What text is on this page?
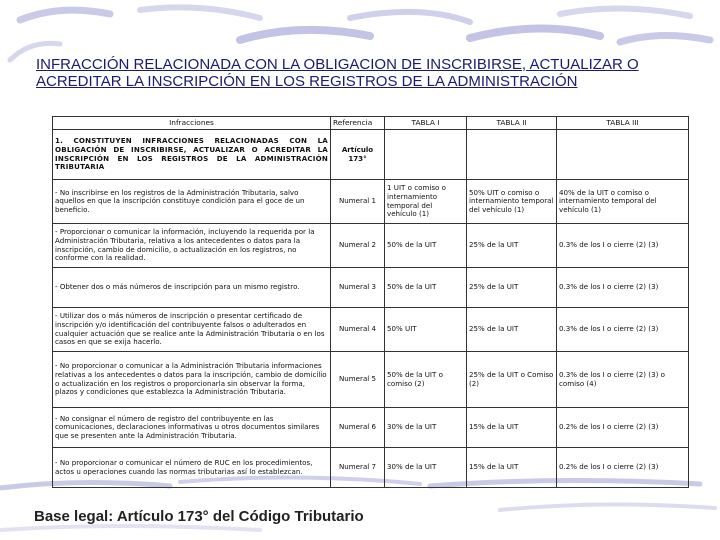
INFRACCIÓN RELACIONADA CON LA OBLIGACION DE INSCRIBIRSE, ACTUALIZAR O ACREDITAR LA INSCRIPCIÓN EN LOS REGISTROS DE LA ADMINISTRACIÓN
Infracciones	Referencia	TABLA I	TABLA II	TABLA III
1. CONSTITUYEN INFRACCIONES RELACIONADAS CON LA OBLIGACIÓN DE INSCRIBIRSE, ACTUALIZAR O ACREDITAR LA INSCRIPCIÓN EN LOS REGISTROS DE LA ADMINISTRACIÓN TRIBUTARIA	Artículo 173°			
- No inscribirse en los registros de la Administración Tributaria, salvo aquellos en que la inscripción constituye condición para el goce de un beneficio.	Numeral 1	1 UIT o comiso o internamiento temporal del vehículo (1)	50% UIT o comiso o internamiento temporal del vehículo (1)	40% de la UIT o comiso o internamiento temporal del vehículo (1)
- Proporcionar o comunicar la información, incluyendo la requerida por la Administración Tributaria, relativa a los antecedentes o datos para la inscripción, cambio de domicilio, o actualización en los registros, no conforme con la realidad.	Numeral 2	50% de la UIT	25% de la UIT	0.3% de los I o cierre (2) (3)
- Obtener dos o más números de inscripción para un mismo registro.	Numeral 3	50% de la UIT	25% de la UIT	0.3% de los I o cierre (2) (3)
- Utilizar dos o más números de inscripción o presentar certificado de inscripción y/o identificación del contribuyente falsos o adulterados en cualquier actuación que se realice ante la Administración Tributaria o en los casos en que se exija hacerlo.	Numeral 4	50% UIT	25% de la UIT	0.3% de los I o cierre (2) (3)
- No proporcionar o comunicar a la Administración Tributaria informaciones relativas a los antecedentes o datos para la inscripción, cambio de domicilio o actualización en los registros o proporcionarla sin observar la forma, plazos y condiciones que establezca la Administración Tributaria.	Numeral 5	50% de la UIT o comiso (2)	25% de la UIT o Comiso (2)	0.3% de los I o cierre (2) (3) o comiso (4)
- No consignar el número de registro del contribuyente en las comunicaciones, declaraciones informativas u otros documentos similares que se presenten ante la Administración Tributaria.	Numeral 6	30% de la UIT	15% de la UIT	0.2% de los I o cierre (2) (3)
- No proporcionar o comunicar el número de RUC en los procedimientos, actos u operaciones cuando las normas tributarias así lo establezcan.	Numeral 7	30% de la UIT	15% de la UIT	0.2% de los I o cierre (2) (3)
Base legal: Artículo 173° del Código Tributario
